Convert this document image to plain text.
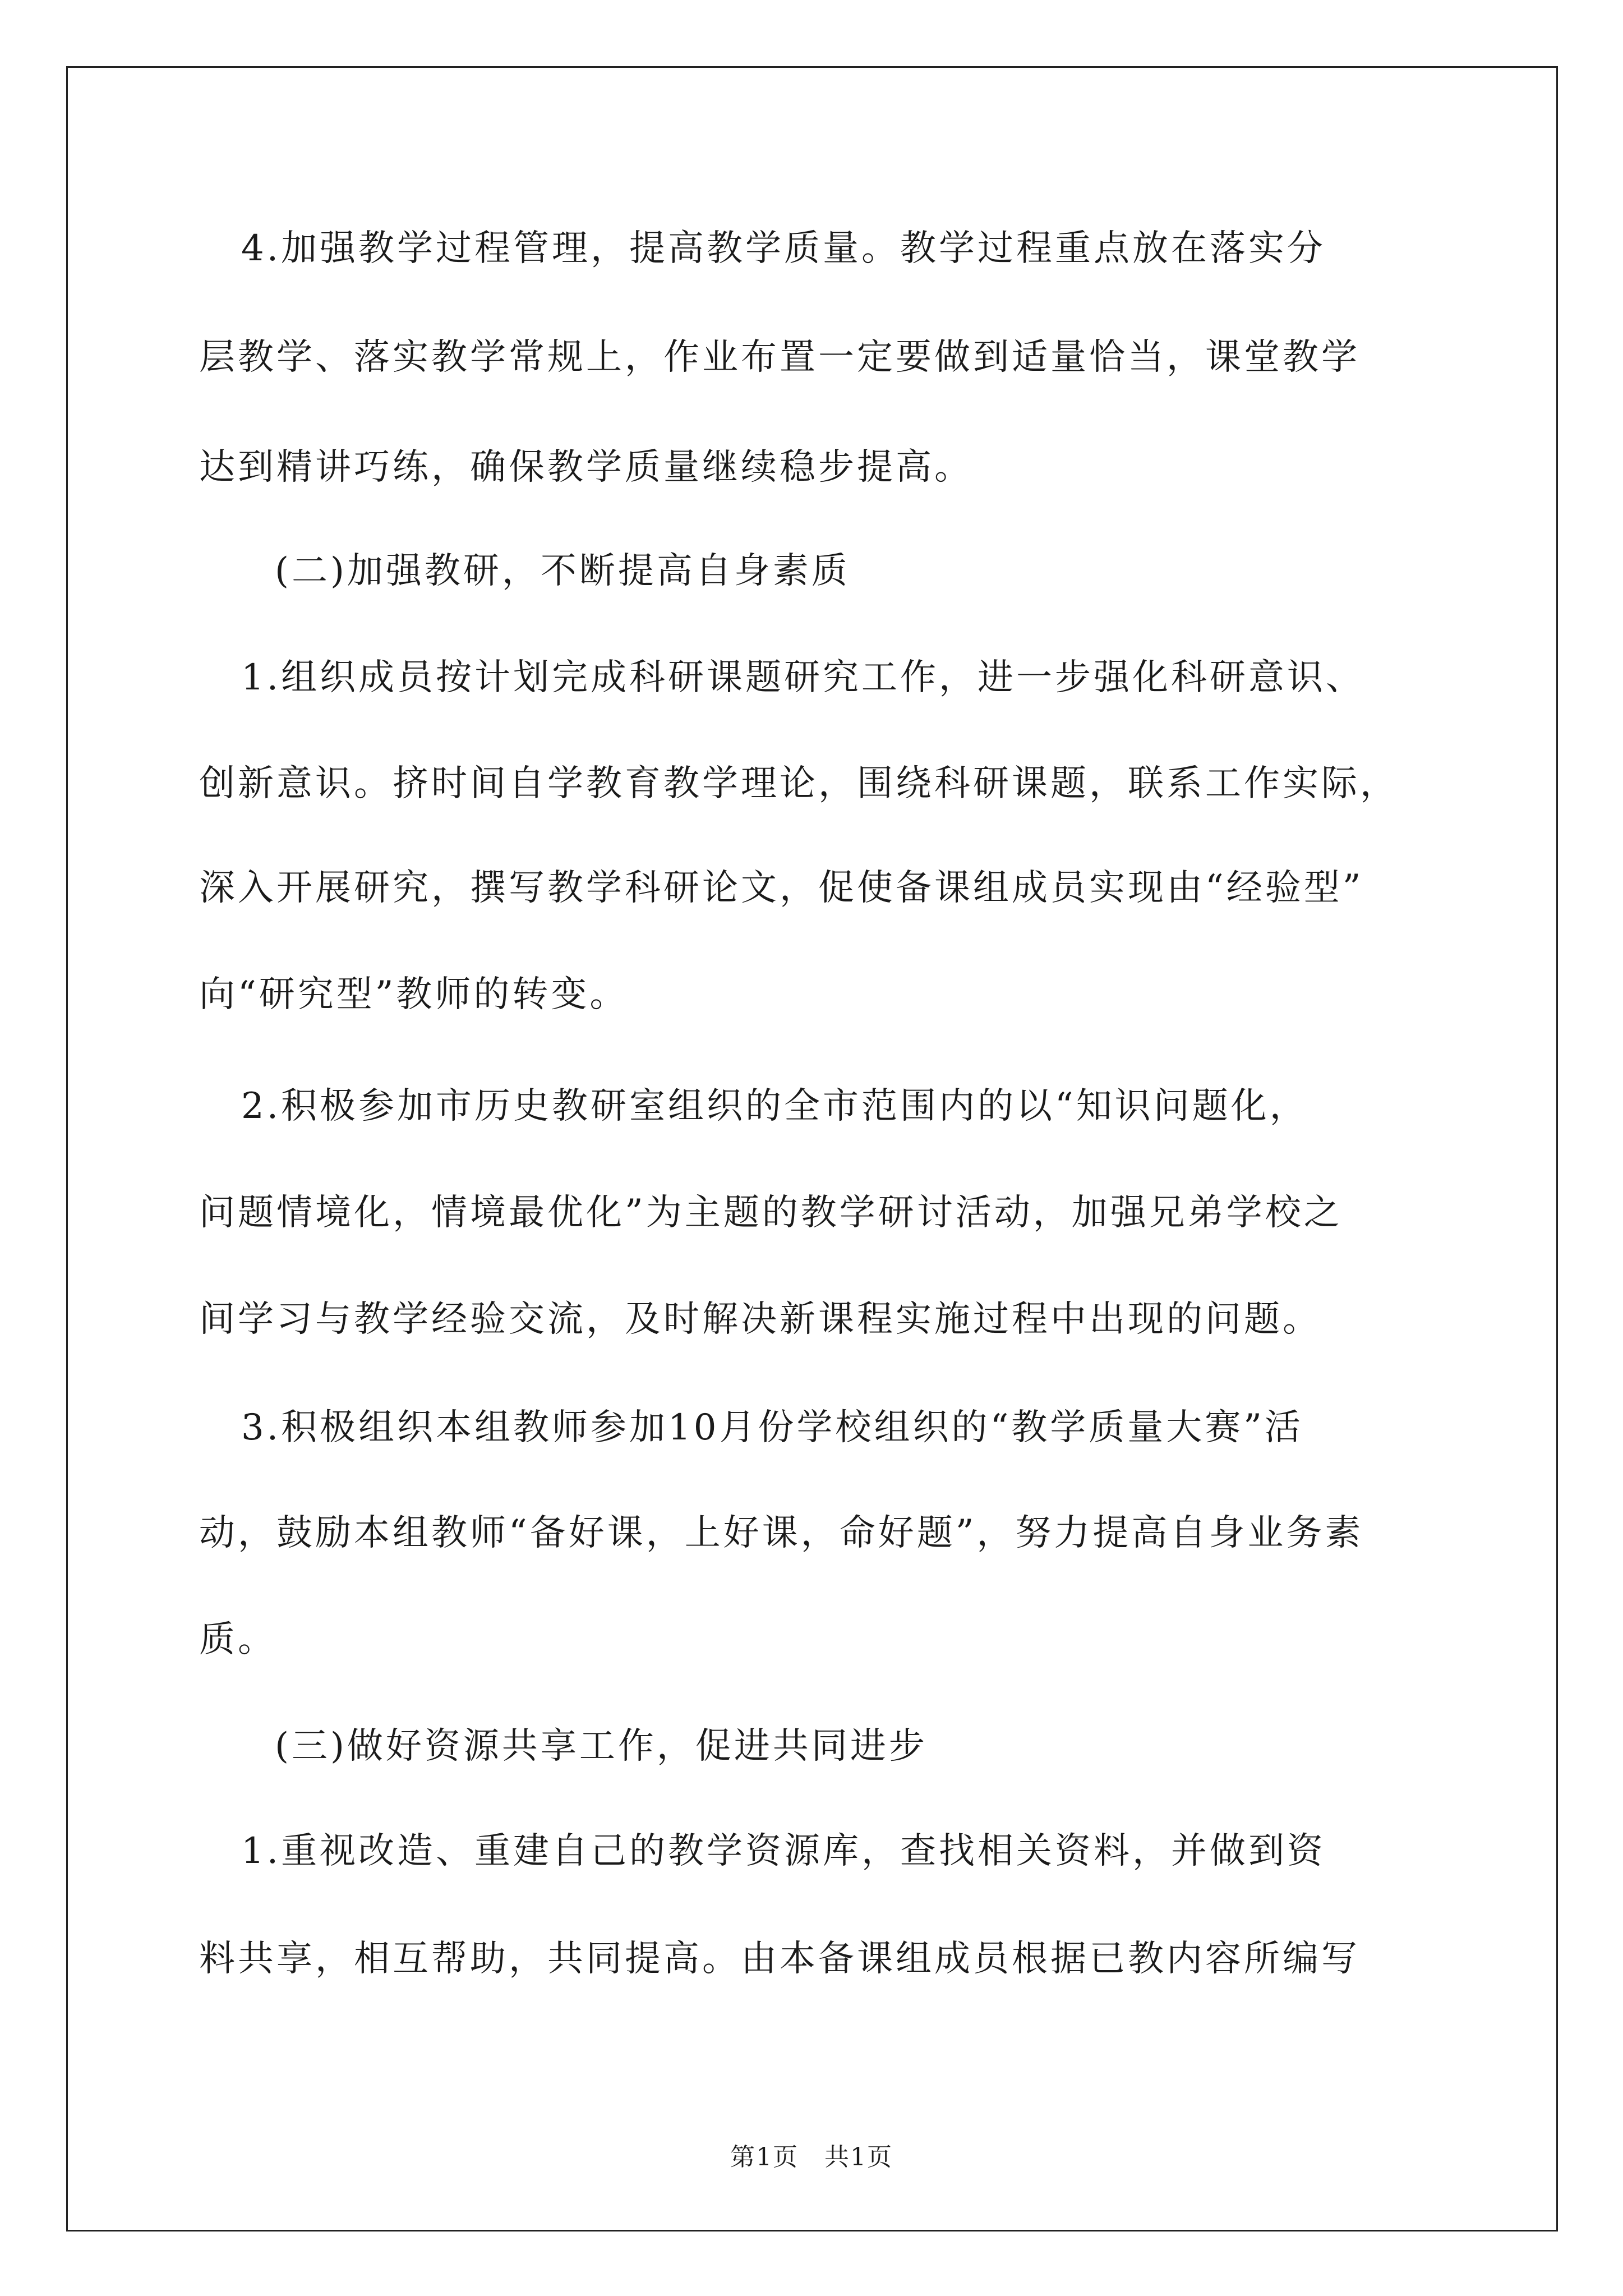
4.加强教学过程管理，提高教学质量。教学过程重点放在落实分
层教学、落实教学常规上，作业布置一定要做到适量恰当，课堂教学
达到精讲巧练，确保教学质量继续稳步提高。
(二)加强教研，不断提高自身素质
1.组织成员按计划完成科研课题研究工作，进一步强化科研意识、
创新意识。挤时间自学教育教学理论，围绕科研课题，联系工作实际，
深入开展研究，撰写教学科研论文，促使备课组成员实现由“经验型”
向“研究型”教师的转变。
2.积极参加市历史教研室组织的全市范围内的以“知识问题化，
问题情境化，情境最优化”为主题的教学研讨活动，加强兄弟学校之
间学习与教学经验交流，及时解决新课程实施过程中出现的问题。
3.积极组织本组教师参加10月份学校组织的“教学质量大赛”活
动，鼓励本组教师“备好课，上好课，命好题”，努力提高自身业务素
质。
(三)做好资源共享工作，促进共同进步
1.重视改造、重建自己的教学资源库，查找相关资料，并做到资
料共享，相互帮助，共同提高。由本备课组成员根据已教内容所编写
第1页　共1页
